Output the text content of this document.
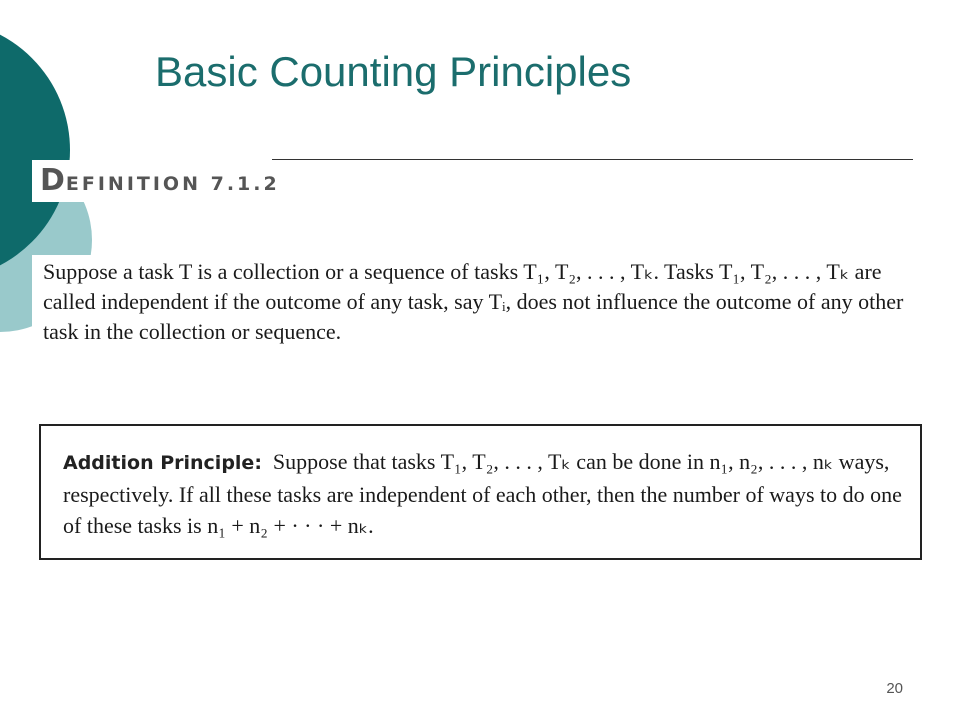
Basic Counting Principles
DEFINITION 7.1.2

Suppose a task T is a collection or a sequence of tasks T₁, T₂, . . . , Tₖ. Tasks T₁, T₂, . . . , Tₖ are called independent if the outcome of any task, say Tᵢ, does not influence the outcome of any other task in the collection or sequence.

Addition Principle: Suppose that tasks T₁, T₂, . . . , Tₖ can be done in n₁, n₂, . . . , nₖ ways, respectively. If all these tasks are independent of each other, then the number of ways to do one of these tasks is n₁ + n₂ + · · · + nₖ.

20
